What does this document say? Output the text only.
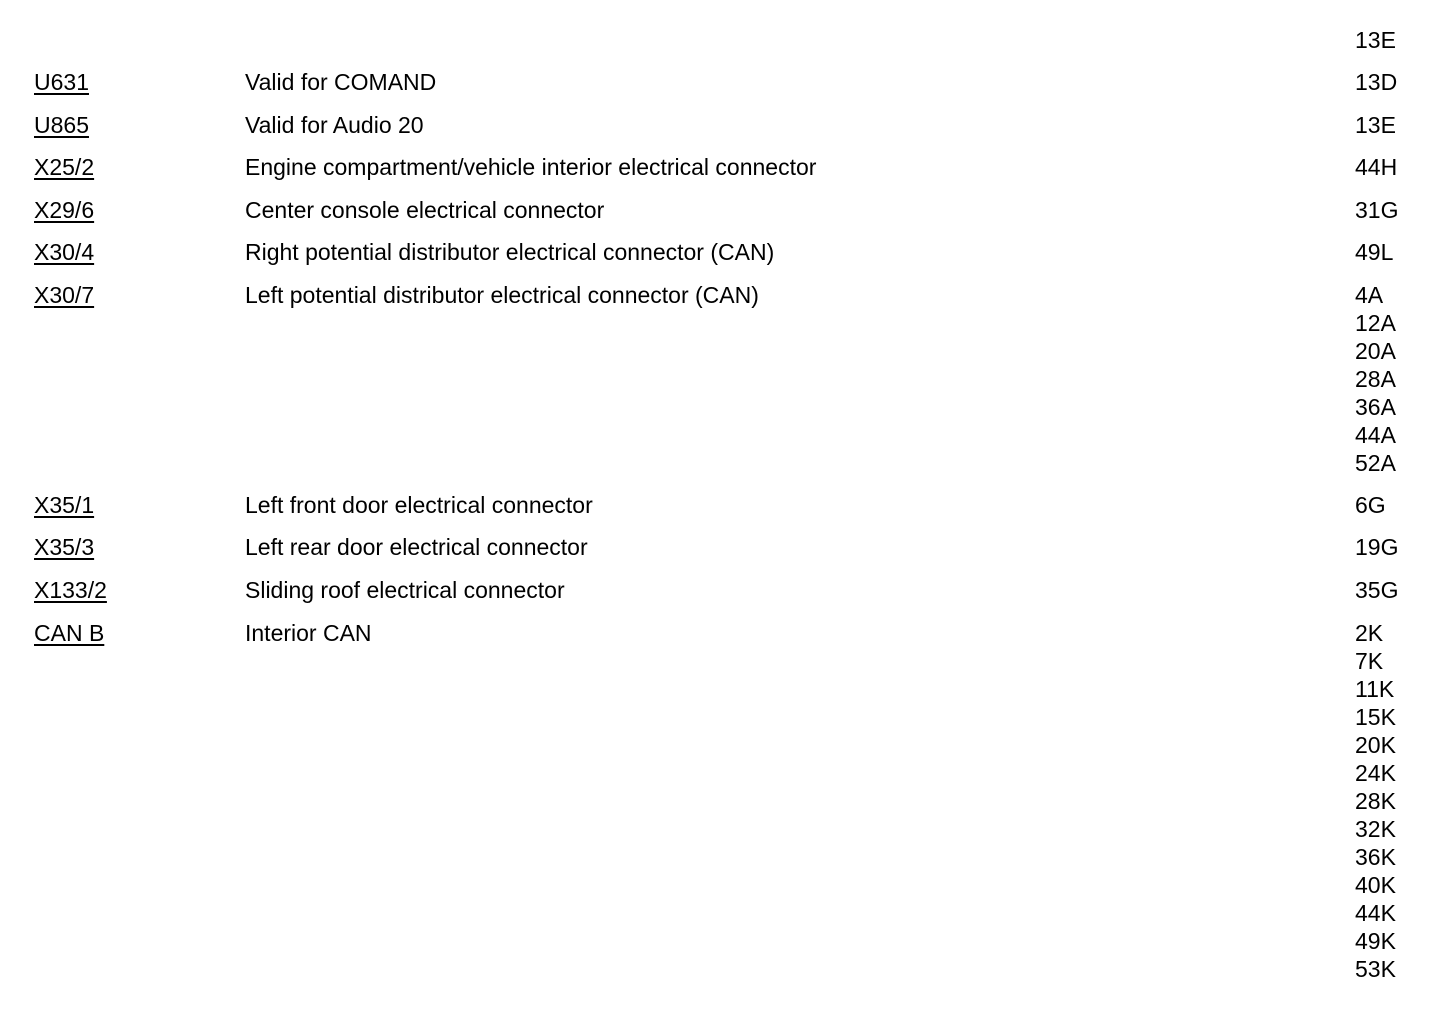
13E
U631	Valid for COMAND	13D
U865	Valid for Audio 20	13E
X25/2	Engine compartment/vehicle interior electrical connector	44H
X29/6	Center console electrical connector	31G
X30/4	Right potential distributor electrical connector (CAN)	49L
X30/7	Left potential distributor electrical connector (CAN)	4A
12A
20A
28A
36A
44A
52A
X35/1	Left front door electrical connector	6G
X35/3	Left rear door electrical connector	19G
X133/2	Sliding roof electrical connector	35G
CAN B	Interior CAN	2K
7K
11K
15K
20K
24K
28K
32K
36K
40K
44K
49K
53K
